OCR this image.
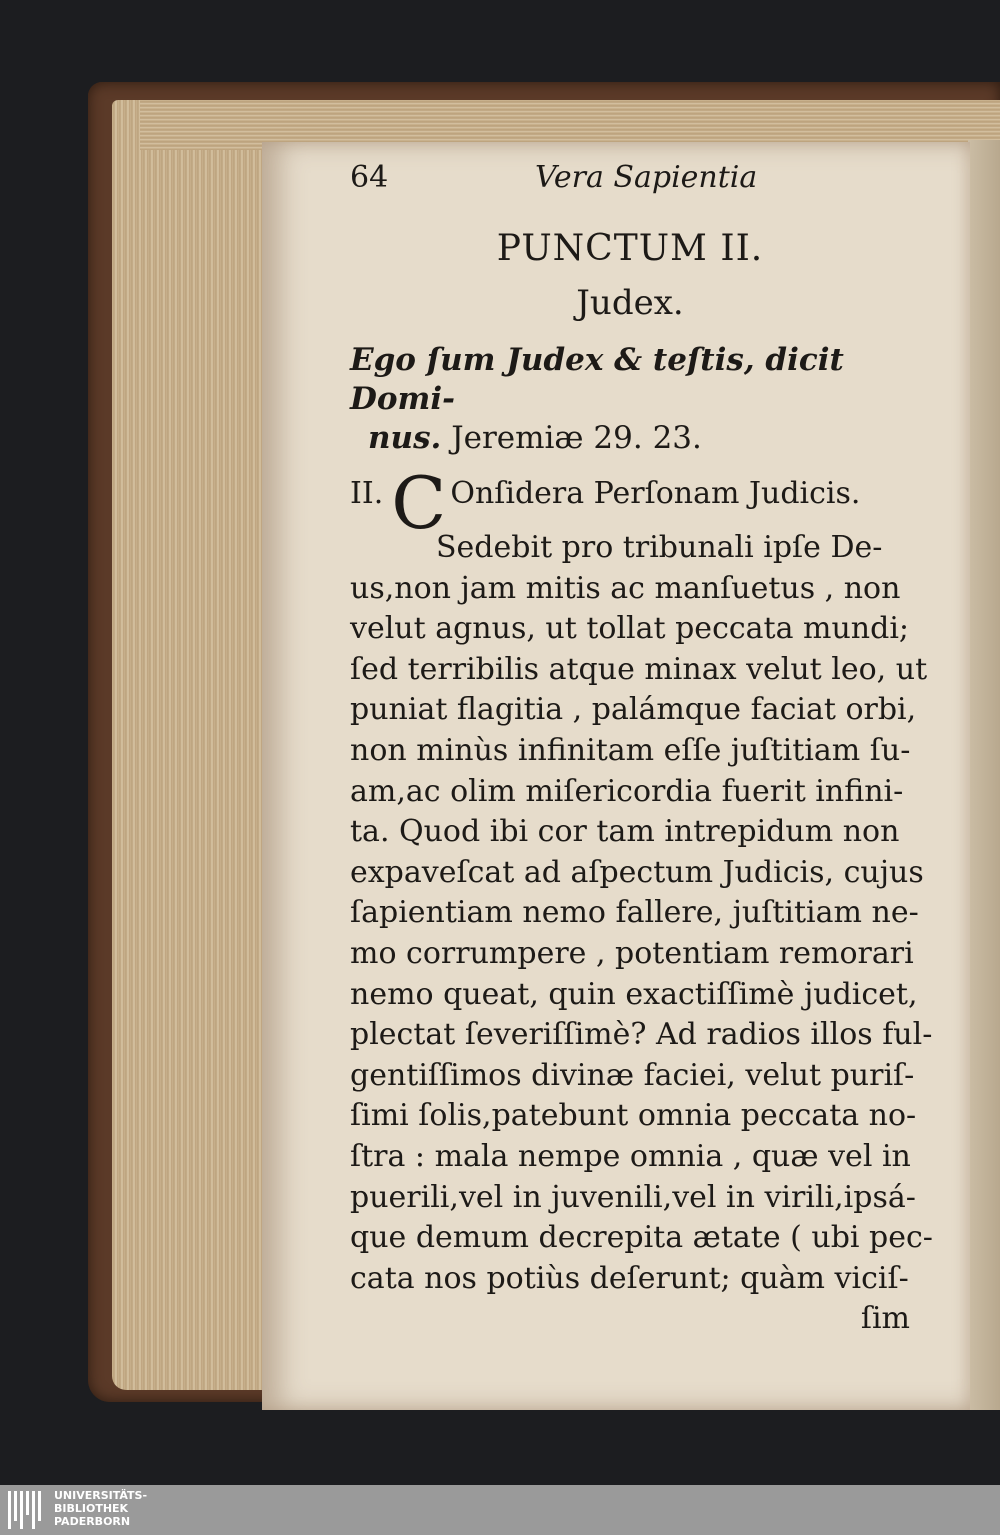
64	Vera Sapientia
PUNCTUM II.
Judex.
Ego ſum Judex & teſtis, dicit Domi-
nus. Jeremiæ 29. 23.
II. C Onſidera Perſonam Judicis.
Sedebit pro tribunali ipſe De-
us,non jam mitis ac manſuetus , non
velut agnus, ut tollat peccata mundi;
ſed terribilis atque minax velut leo, ut
puniat flagitia , palámque faciat orbi,
non minùs infinitam eſſe juſtitiam ſu-
am,ac olim miſericordia fuerit infini-
ta. Quod ibi cor tam intrepidum non
expaveſcat ad aſpectum Judicis, cujus
ſapientiam nemo fallere, juſtitiam ne-
mo corrumpere , potentiam remorari
nemo queat, quin exactiſſimè judicet,
plectat ſeveriſſimè? Ad radios illos ful-
gentiſſimos divinæ faciei, velut puriſ-
ſimi ſolis,patebunt omnia peccata no-
ſtra : mala nempe omnia , quæ vel in
puerili,vel in juvenili,vel in virili,ipsá-
que demum decrepita ætate ( ubi pec-
cata nos potiùs deſerunt; quàm viciſ-
ſim
UNIVERSITÄTS-
BIBLIOTHEK
PADERBORN
